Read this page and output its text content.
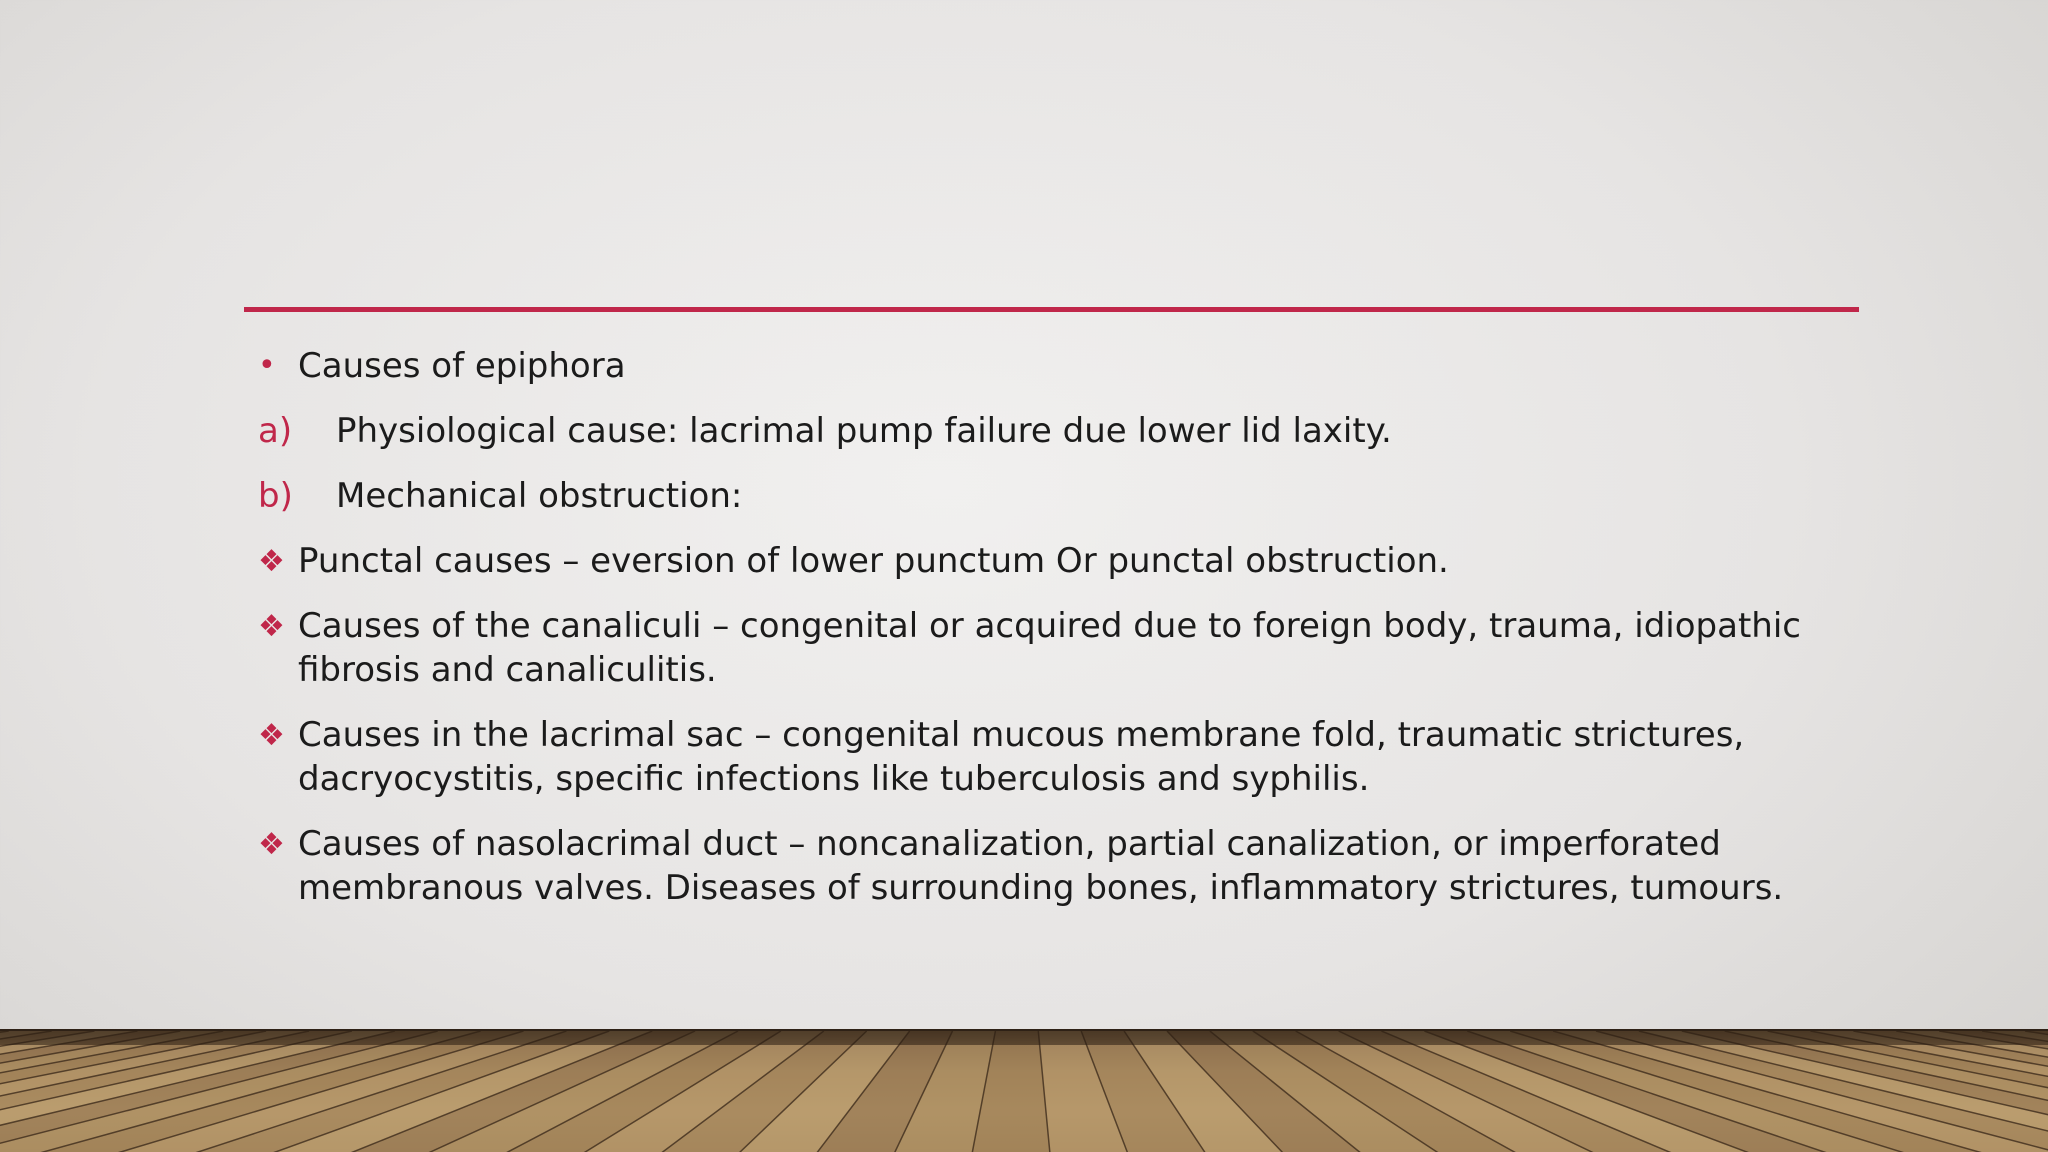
• Causes of epiphora
a)	Physiological cause: lacrimal pump failure due lower lid laxity.
b)	Mechanical obstruction:
❖ Punctal causes – eversion of lower punctum Or punctal obstruction.
❖ Causes of the canaliculi – congenital or acquired due to foreign body, trauma, idiopathic fibrosis and canaliculitis.
❖ Causes in the lacrimal sac – congenital mucous membrane fold, traumatic strictures, dacryocystitis, specific infections like tuberculosis and syphilis.
❖ Causes of nasolacrimal duct – noncanalization, partial canalization, or imperforated membranous valves. Diseases of surrounding bones, inflammatory strictures, tumours.
